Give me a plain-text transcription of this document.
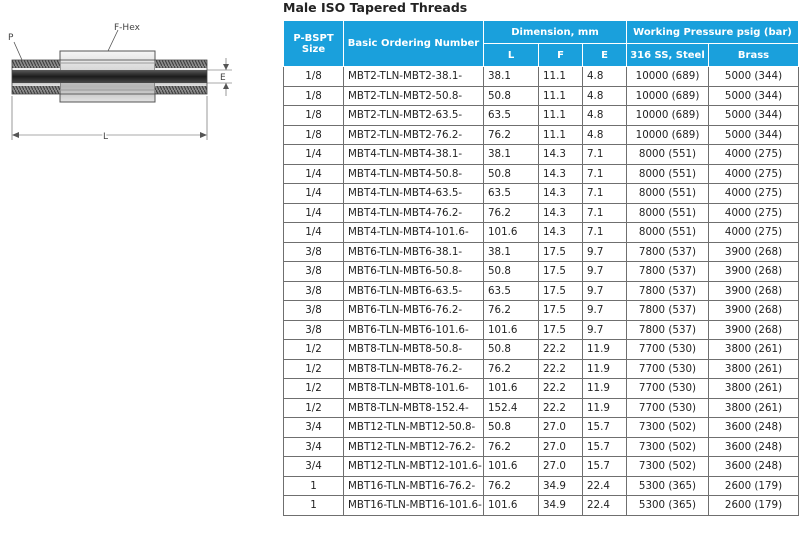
P
F-Hex
E
L
Male ISO Tapered Threads
P-BSPT Size	Basic Ordering Number	Dimension, mm			Working Pressure psig (bar)	
		L	F	E	316 SS, Steel	Brass
1/8	MBT2-TLN-MBT2-38.1-	38.1	11.1	4.8	10000 (689)	5000 (344)
1/8	MBT2-TLN-MBT2-50.8-	50.8	11.1	4.8	10000 (689)	5000 (344)
1/8	MBT2-TLN-MBT2-63.5-	63.5	11.1	4.8	10000 (689)	5000 (344)
1/8	MBT2-TLN-MBT2-76.2-	76.2	11.1	4.8	10000 (689)	5000 (344)
1/4	MBT4-TLN-MBT4-38.1-	38.1	14.3	7.1	8000 (551)	4000 (275)
1/4	MBT4-TLN-MBT4-50.8-	50.8	14.3	7.1	8000 (551)	4000 (275)
1/4	MBT4-TLN-MBT4-63.5-	63.5	14.3	7.1	8000 (551)	4000 (275)
1/4	MBT4-TLN-MBT4-76.2-	76.2	14.3	7.1	8000 (551)	4000 (275)
1/4	MBT4-TLN-MBT4-101.6-	101.6	14.3	7.1	8000 (551)	4000 (275)
3/8	MBT6-TLN-MBT6-38.1-	38.1	17.5	9.7	7800 (537)	3900 (268)
3/8	MBT6-TLN-MBT6-50.8-	50.8	17.5	9.7	7800 (537)	3900 (268)
3/8	MBT6-TLN-MBT6-63.5-	63.5	17.5	9.7	7800 (537)	3900 (268)
3/8	MBT6-TLN-MBT6-76.2-	76.2	17.5	9.7	7800 (537)	3900 (268)
3/8	MBT6-TLN-MBT6-101.6-	101.6	17.5	9.7	7800 (537)	3900 (268)
1/2	MBT8-TLN-MBT8-50.8-	50.8	22.2	11.9	7700 (530)	3800 (261)
1/2	MBT8-TLN-MBT8-76.2-	76.2	22.2	11.9	7700 (530)	3800 (261)
1/2	MBT8-TLN-MBT8-101.6-	101.6	22.2	11.9	7700 (530)	3800 (261)
1/2	MBT8-TLN-MBT8-152.4-	152.4	22.2	11.9	7700 (530)	3800 (261)
3/4	MBT12-TLN-MBT12-50.8-	50.8	27.0	15.7	7300 (502)	3600 (248)
3/4	MBT12-TLN-MBT12-76.2-	76.2	27.0	15.7	7300 (502)	3600 (248)
3/4	MBT12-TLN-MBT12-101.6-	101.6	27.0	15.7	7300 (502)	3600 (248)
1	MBT16-TLN-MBT16-76.2-	76.2	34.9	22.4	5300 (365)	2600 (179)
1	MBT16-TLN-MBT16-101.6-	101.6	34.9	22.4	5300 (365)	2600 (179)
